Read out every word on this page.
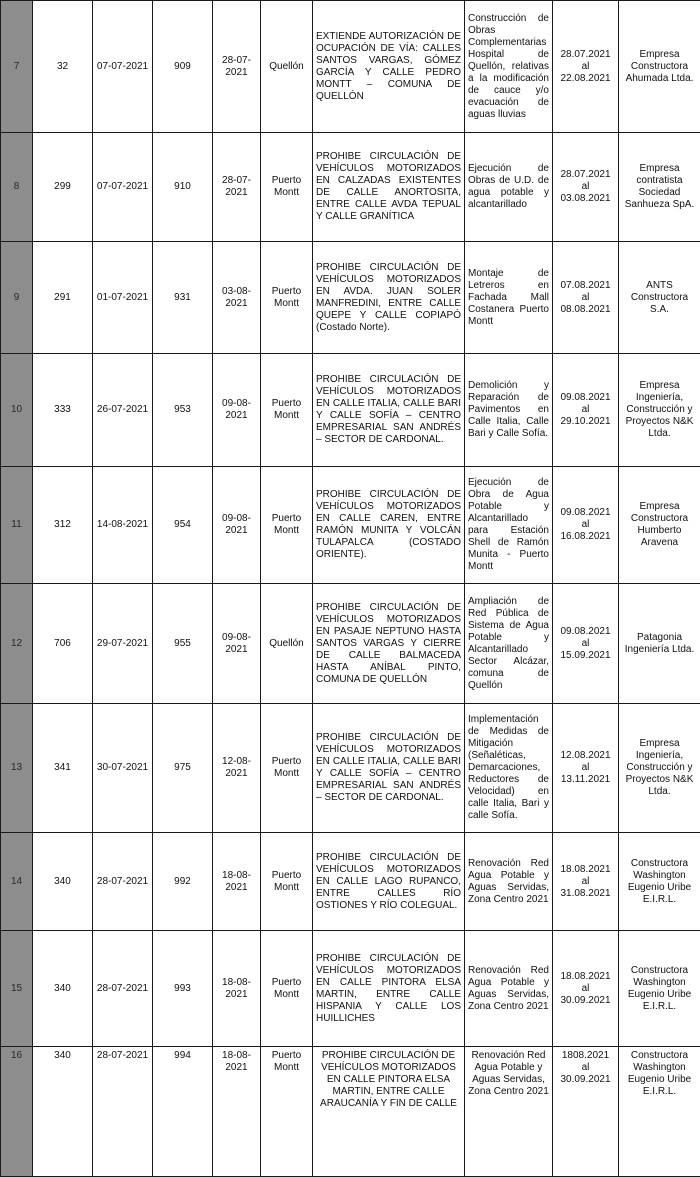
7	32	07-07-2021	909	28-07-2021	Quellón	EXTIENDE AUTORIZACIÓN DE OCUPACIÓN DE VÍA: CALLES SANTOS VARGAS, GÓMEZ GARCÍA Y CALLE PEDRO MONTT – COMUNA DE QUELLÓN	Construcción de Obras Complementarias Hospital de Quellón, relativas a la modificación de cauce y/o evacuación de aguas lluvias	28.07.2021
al
22.08.2021	Empresa Constructora Ahumada Ltda.
8	299	07-07-2021	910	28-07-2021	Puerto Montt	PROHIBE CIRCULACIÓN DE VEHÍCULOS MOTORIZADOS EN CALZADAS EXISTENTES DE CALLE ANORTOSITA, ENTRE CALLE AVDA TEPUAL Y CALLE GRANÍTICA	Ejecución de Obras de U.D. de agua potable y alcantarillado	28.07.2021
al
03.08.2021	Empresa contratista Sociedad Sanhueza SpA.
9	291	01-07-2021	931	03-08-2021	Puerto Montt	PROHIBE CIRCULACIÓN DE VEHÍCULOS MOTORIZADOS EN AVDA. JUAN SOLER MANFREDINI, ENTRE CALLE QUEPE Y CALLE COPIAPÓ (Costado Norte).	Montaje de Letreros en Fachada Mall Costanera Puerto Montt	07.08.2021
al
08.08.2021	ANTS Constructora S.A.
10	333	26-07-2021	953	09-08-2021	Puerto Montt	PROHIBE CIRCULACIÓN DE VEHÍCULOS MOTORIZADOS EN CALLE ITALIA, CALLE BARI Y CALLE SOFÍA – CENTRO EMPRESARIAL SAN ANDRÉS – SECTOR DE CARDONAL.	Demolición y Reparación de Pavimentos en Calle Italia, Calle Bari y Calle Sofía.	09.08.2021
al
29.10.2021	Empresa Ingeniería, Construcción y Proyectos N&K Ltda.
11	312	14-08-2021	954	09-08-2021	Puerto Montt	PROHIBE CIRCULACIÓN DE VEHÍCULOS MOTORIZADOS EN CALLE CAREN, ENTRE RAMÓN MUNITA Y VOLCÁN TULAPALCA (COSTADO ORIENTE).	Ejecución de Obra de Agua Potable y Alcantarillado para Estación Shell de Ramón Munita - Puerto Montt	09.08.2021
al
16.08.2021	Empresa Constructora Humberto Aravena
12	706	29-07-2021	955	09-08-2021	Quellón	PROHIBE CIRCULACIÓN DE VEHÍCULOS MOTORIZADOS EN PASAJE NEPTUNO HASTA SANTOS VARGAS Y CIERRE DE CALLE BALMACEDA HASTA ANÍBAL PINTO, COMUNA DE QUELLÓN	Ampliación de Red Pública de Sistema de Agua Potable y Alcantarillado Sector Alcázar, comuna de Quellón	09.08.2021
al
15.09.2021	Patagonia Ingeniería Ltda.
13	341	30-07-2021	975	12-08-2021	Puerto Montt	PROHIBE CIRCULACIÓN DE VEHÍCULOS MOTORIZADOS EN CALLE ITALIA, CALLE BARI Y CALLE SOFÍA – CENTRO EMPRESARIAL SAN ANDRÉS – SECTOR DE CARDONAL.	Implementación de Medidas de Mitigación (Señaléticas, Demarcaciones, Reductores de Velocidad) en calle Italia, Bari y calle Sofía.	12.08.2021
al
13.11.2021	Empresa Ingeniería, Construcción y Proyectos N&K Ltda.
14	340	28-07-2021	992	18-08-2021	Puerto Montt	PROHIBE CIRCULACIÓN DE VEHÍCULOS MOTORIZADOS EN CALLE LAGO RUPANCO, ENTRE CALLES RÍO OSTIONES Y RÍO COLEGUAL.	Renovación Red Agua Potable y Aguas Servidas, Zona Centro 2021	18.08.2021
al
31.08.2021	Constructora Washington Eugenio Uribe E.I.R.L.
15	340	28-07-2021	993	18-08-2021	Puerto Montt	PROHIBE CIRCULACIÓN DE VEHÍCULOS MOTORIZADOS EN CALLE PINTORA ELSA MARTIN, ENTRE CALLE HISPANIA Y CALLE LOS HUILLICHES	Renovación Red Agua Potable y Aguas Servidas, Zona Centro 2021	18.08.2021
al
30.09.2021	Constructora Washington Eugenio Uribe E.I.R.L.
16	340	28-07-2021	994	18-08-2021	Puerto Montt	PROHIBE CIRCULACIÓN DE VEHÍCULOS MOTORIZADOS EN CALLE PINTORA ELSA MARTIN, ENTRE CALLE ARAUCANÍA Y FIN DE CALLE	Renovación Red Agua Potable y Aguas Servidas, Zona Centro 2021	1808.2021
al
30.09.2021	Constructora Washington Eugenio Uribe E.I.R.L.
